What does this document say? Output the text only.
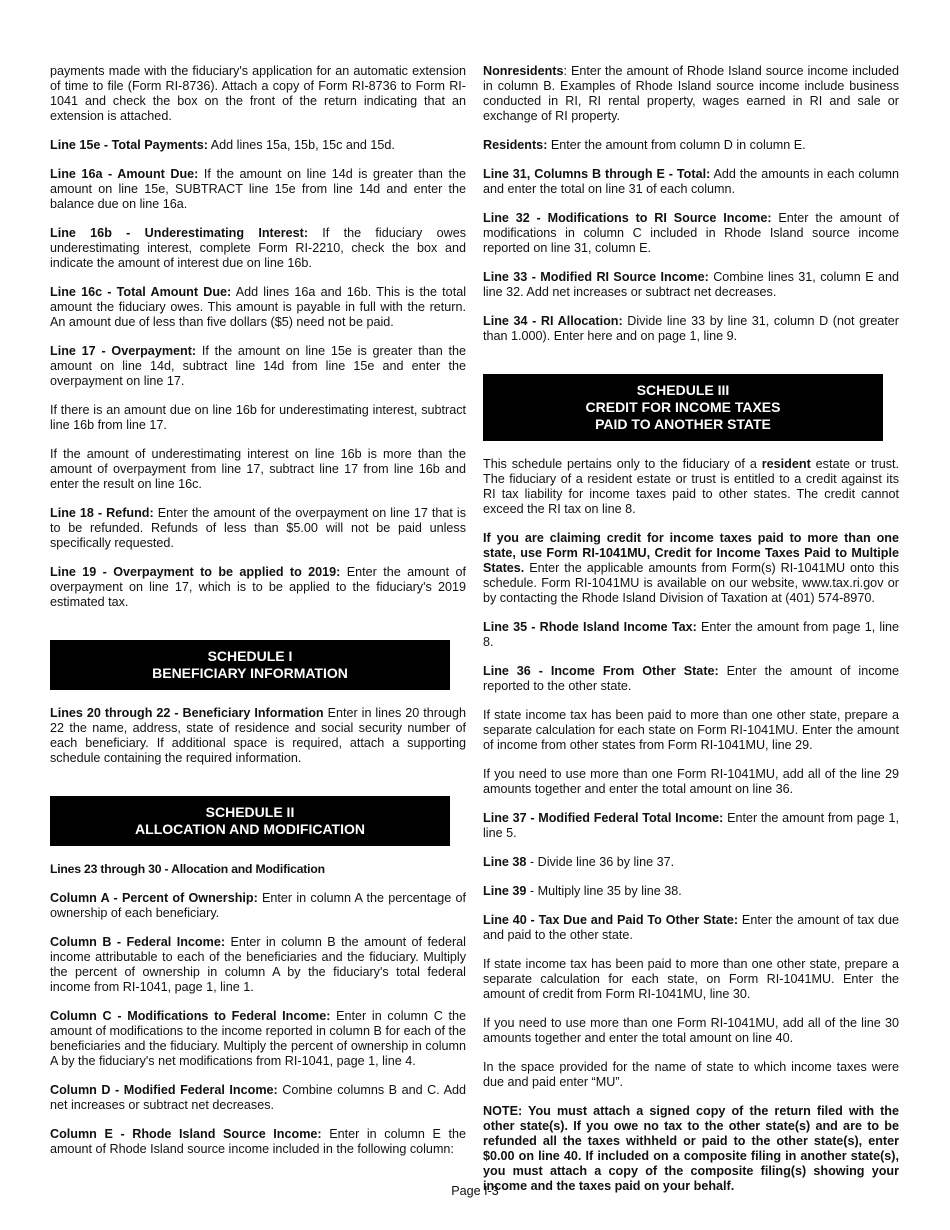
payments made with the fiduciary's application for an automatic extension of time to file (Form RI-8736). Attach a copy of Form RI-8736 to Form RI-1041 and check the box on the front of the return indicating that an extension is attached.

Line 15e - Total Payments: Add lines 15a, 15b, 15c and 15d.

Line 16a - Amount Due: If the amount on line 14d is greater than the amount on line 15e, SUBTRACT line 15e from line 14d and enter the balance due on line 16a.

Line 16b - Underestimating Interest: If the fiduciary owes underestimating interest, complete Form RI-2210, check the box and indicate the amount of interest due on line 16b.

Line 16c - Total Amount Due: Add lines 16a and 16b. This is the total amount the fiduciary owes. This amount is payable in full with the return. An amount due of less than five dollars ($5) need not be paid.

Line 17 - Overpayment: If the amount on line 15e is greater than the amount on line 14d, subtract line 14d from line 15e and enter the overpayment on line 17.

If there is an amount due on line 16b for underestimating interest, subtract line 16b from line 17.

If the amount of underestimating interest on line 16b is more than the amount of overpayment from line 17, subtract line 17 from line 16b and enter the result on line 16c.

Line 18 - Refund: Enter the amount of the overpayment on line 17 that is to be refunded. Refunds of less than $5.00 will not be paid unless specifically requested.

Line 19 - Overpayment to be applied to 2019: Enter the amount of overpayment on line 17, which is to be applied to the fiduciary's 2019 estimated tax.

SCHEDULE I
BENEFICIARY INFORMATION

Lines 20 through 22 - Beneficiary Information Enter in lines 20 through 22 the name, address, state of residence and social security number of each beneficiary. If additional space is required, attach a supporting schedule containing the required information.

SCHEDULE II
ALLOCATION AND MODIFICATION
Lines 23 through 30 - Allocation and Modification

Column A - Percent of Ownership: Enter in column A the percentage of ownership of each beneficiary.

Column B - Federal Income: Enter in column B the amount of federal income attributable to each of the beneficiaries and the fiduciary. Multiply the percent of ownership in column A by the fiduciary's total federal income from RI-1041, page 1, line 1.

Column C - Modifications to Federal Income: Enter in column C the amount of modifications to the income reported in column B for each of the beneficiaries and the fiduciary. Multiply the percent of ownership in column A by the fiduciary's net modifications from RI-1041, page 1, line 4.

Column D - Modified Federal Income: Combine columns B and C. Add net increases or subtract net decreases.

Column E - Rhode Island Source Income: Enter in column E the amount of Rhode Island source income included in the following column:

Nonresidents: Enter the amount of Rhode Island source income included in column B. Examples of Rhode Island source income include business conducted in RI, RI rental property, wages earned in RI and sale or exchange of RI property.

Residents: Enter the amount from column D in column E.

Line 31, Columns B through E - Total: Add the amounts in each column and enter the total on line 31 of each column.

Line 32 - Modifications to RI Source Income: Enter the amount of modifications in column C included in Rhode Island source income reported on line 31, column E.

Line 33 - Modified RI Source Income: Combine lines 31, column E and line 32. Add net increases or subtract net decreases.

Line 34 - RI Allocation: Divide line 33 by line 31, column D (not greater than 1.000). Enter here and on page 1, line 9.

SCHEDULE III
CREDIT FOR INCOME TAXES
PAID TO ANOTHER STATE

This schedule pertains only to the fiduciary of a resident estate or trust. The fiduciary of a resident estate or trust is entitled to a credit against its RI tax liability for income taxes paid to other states. The credit cannot exceed the RI tax on line 8.

If you are claiming credit for income taxes paid to more than one state, use Form RI-1041MU, Credit for Income Taxes Paid to Multiple States. Enter the applicable amounts from Form(s) RI-1041MU onto this schedule. Form RI-1041MU is available on our website, www.tax.ri.gov or by contacting the Rhode Island Division of Taxation at (401) 574-8970.

Line 35 - Rhode Island Income Tax: Enter the amount from page 1, line 8.

Line 36 - Income From Other State: Enter the amount of income reported to the other state.

If state income tax has been paid to more than one other state, prepare a separate calculation for each state on Form RI-1041MU. Enter the amount of income from other states from Form RI-1041MU, line 29.

If you need to use more than one Form RI-1041MU, add all of the line 29 amounts together and enter the total amount on line 36.

Line 37 - Modified Federal Total Income: Enter the amount from page 1, line 5.

Line 38 - Divide line 36 by line 37.

Line 39 - Multiply line 35 by line 38.

Line 40 - Tax Due and Paid To Other State: Enter the amount of tax due and paid to the other state.

If state income tax has been paid to more than one other state, prepare a separate calculation for each state, on Form RI-1041MU. Enter the amount of credit from Form RI-1041MU, line 30.

If you need to use more than one Form RI-1041MU, add all of the line 30 amounts together and enter the total amount on line 40.

In the space provided for the name of state to which income taxes were due and paid enter “MU”.

NOTE: You must attach a signed copy of the return filed with the other state(s). If you owe no tax to the other state(s) and are to be refunded all the taxes withheld or paid to the other state(s), enter $0.00 on line 40. If included on a composite filing in another state(s), you must attach a copy of the composite filing(s) showing your income and the taxes paid on your behalf.

Page I-3
